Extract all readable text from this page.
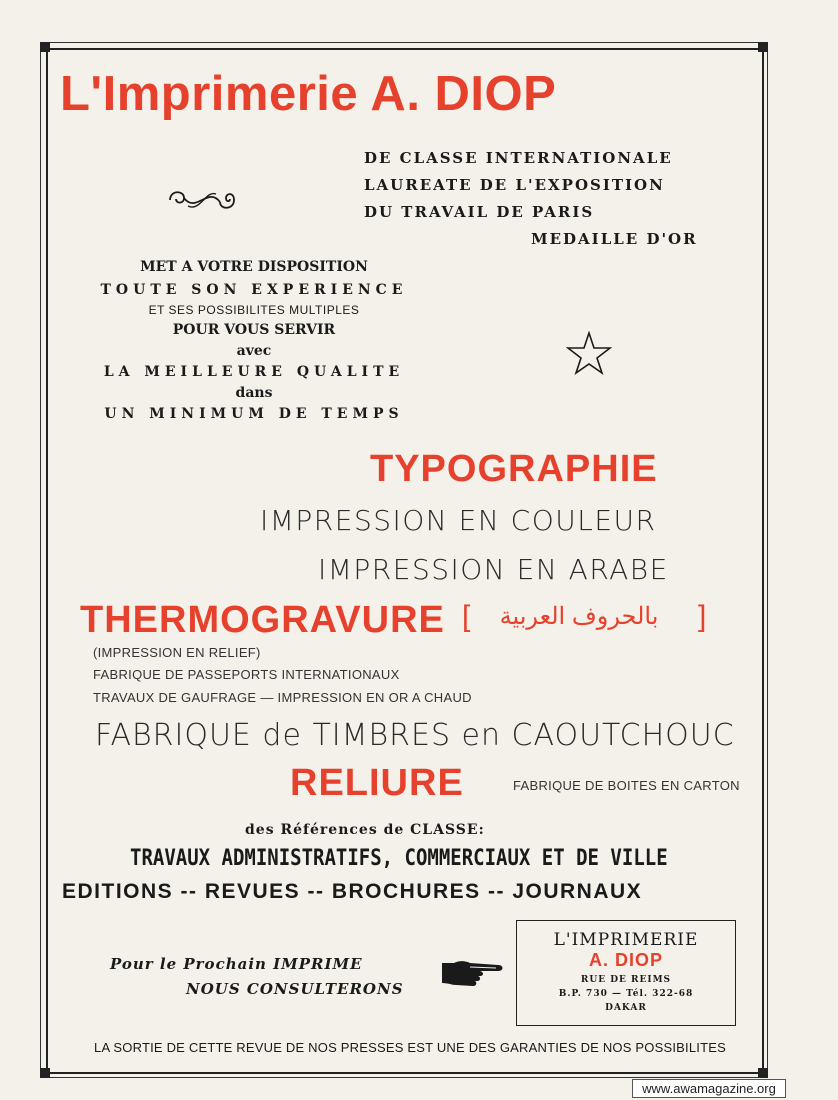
L'Imprimerie A. DIOP
DE CLASSE INTERNATIONALE
LAUREATE DE L'EXPOSITION
DU TRAVAIL DE PARIS
MEDAILLE D'OR
MET A VOTRE DISPOSITION
TOUTE SON EXPERIENCE
ET SES POSSIBILITES MULTIPLES
POUR VOUS SERVIR
avec
LA MEILLEURE QUALITE
dans
UN MINIMUM DE TEMPS
TYPOGRAPHIE
IMPRESSION EN COULEUR
IMPRESSION EN ARABE
THERMOGRAVURE [	بالحروف العربية	]
(IMPRESSION EN RELIEF)
FABRIQUE DE PASSEPORTS INTERNATIONAUX
TRAVAUX DE GAUFRAGE — IMPRESSION EN OR A CHAUD
FABRIQUE de TIMBRES en CAOUTCHOUC
RELIURE	FABRIQUE DE BOITES EN CARTON
des Références de CLASSE:
TRAVAUX ADMINISTRATIFS, COMMERCIAUX ET DE VILLE
EDITIONS -- REVUES -- BROCHURES -- JOURNAUX
Pour le Prochain IMPRIME
NOUS CONSULTERONS
L'IMPRIMERIE
A. DIOP
RUE DE REIMS
B.P. 730 — Tél. 322-68
DAKAR
LA SORTIE DE CETTE REVUE DE NOS PRESSES EST UNE DES GARANTIES DE NOS POSSIBILITES
www.awamagazine.org
